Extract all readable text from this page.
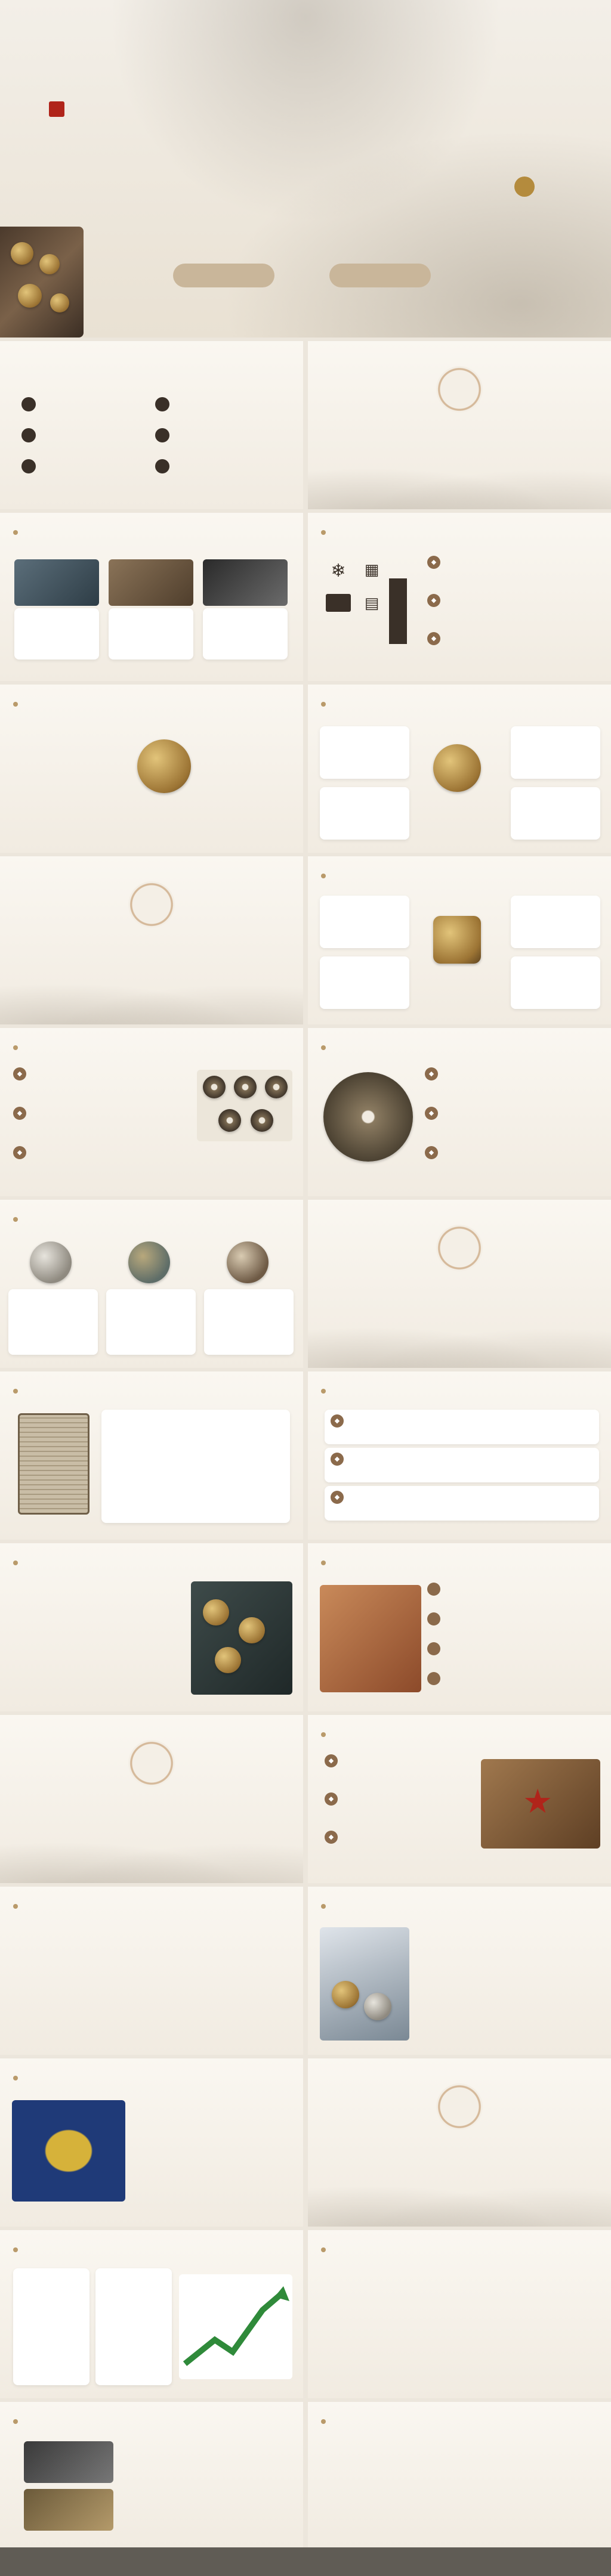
❄	▦
▤
◆
◆
◆
◆
◆
◆
◆
◆
◆
◆
◆
◆
◆
◆
◆
★
